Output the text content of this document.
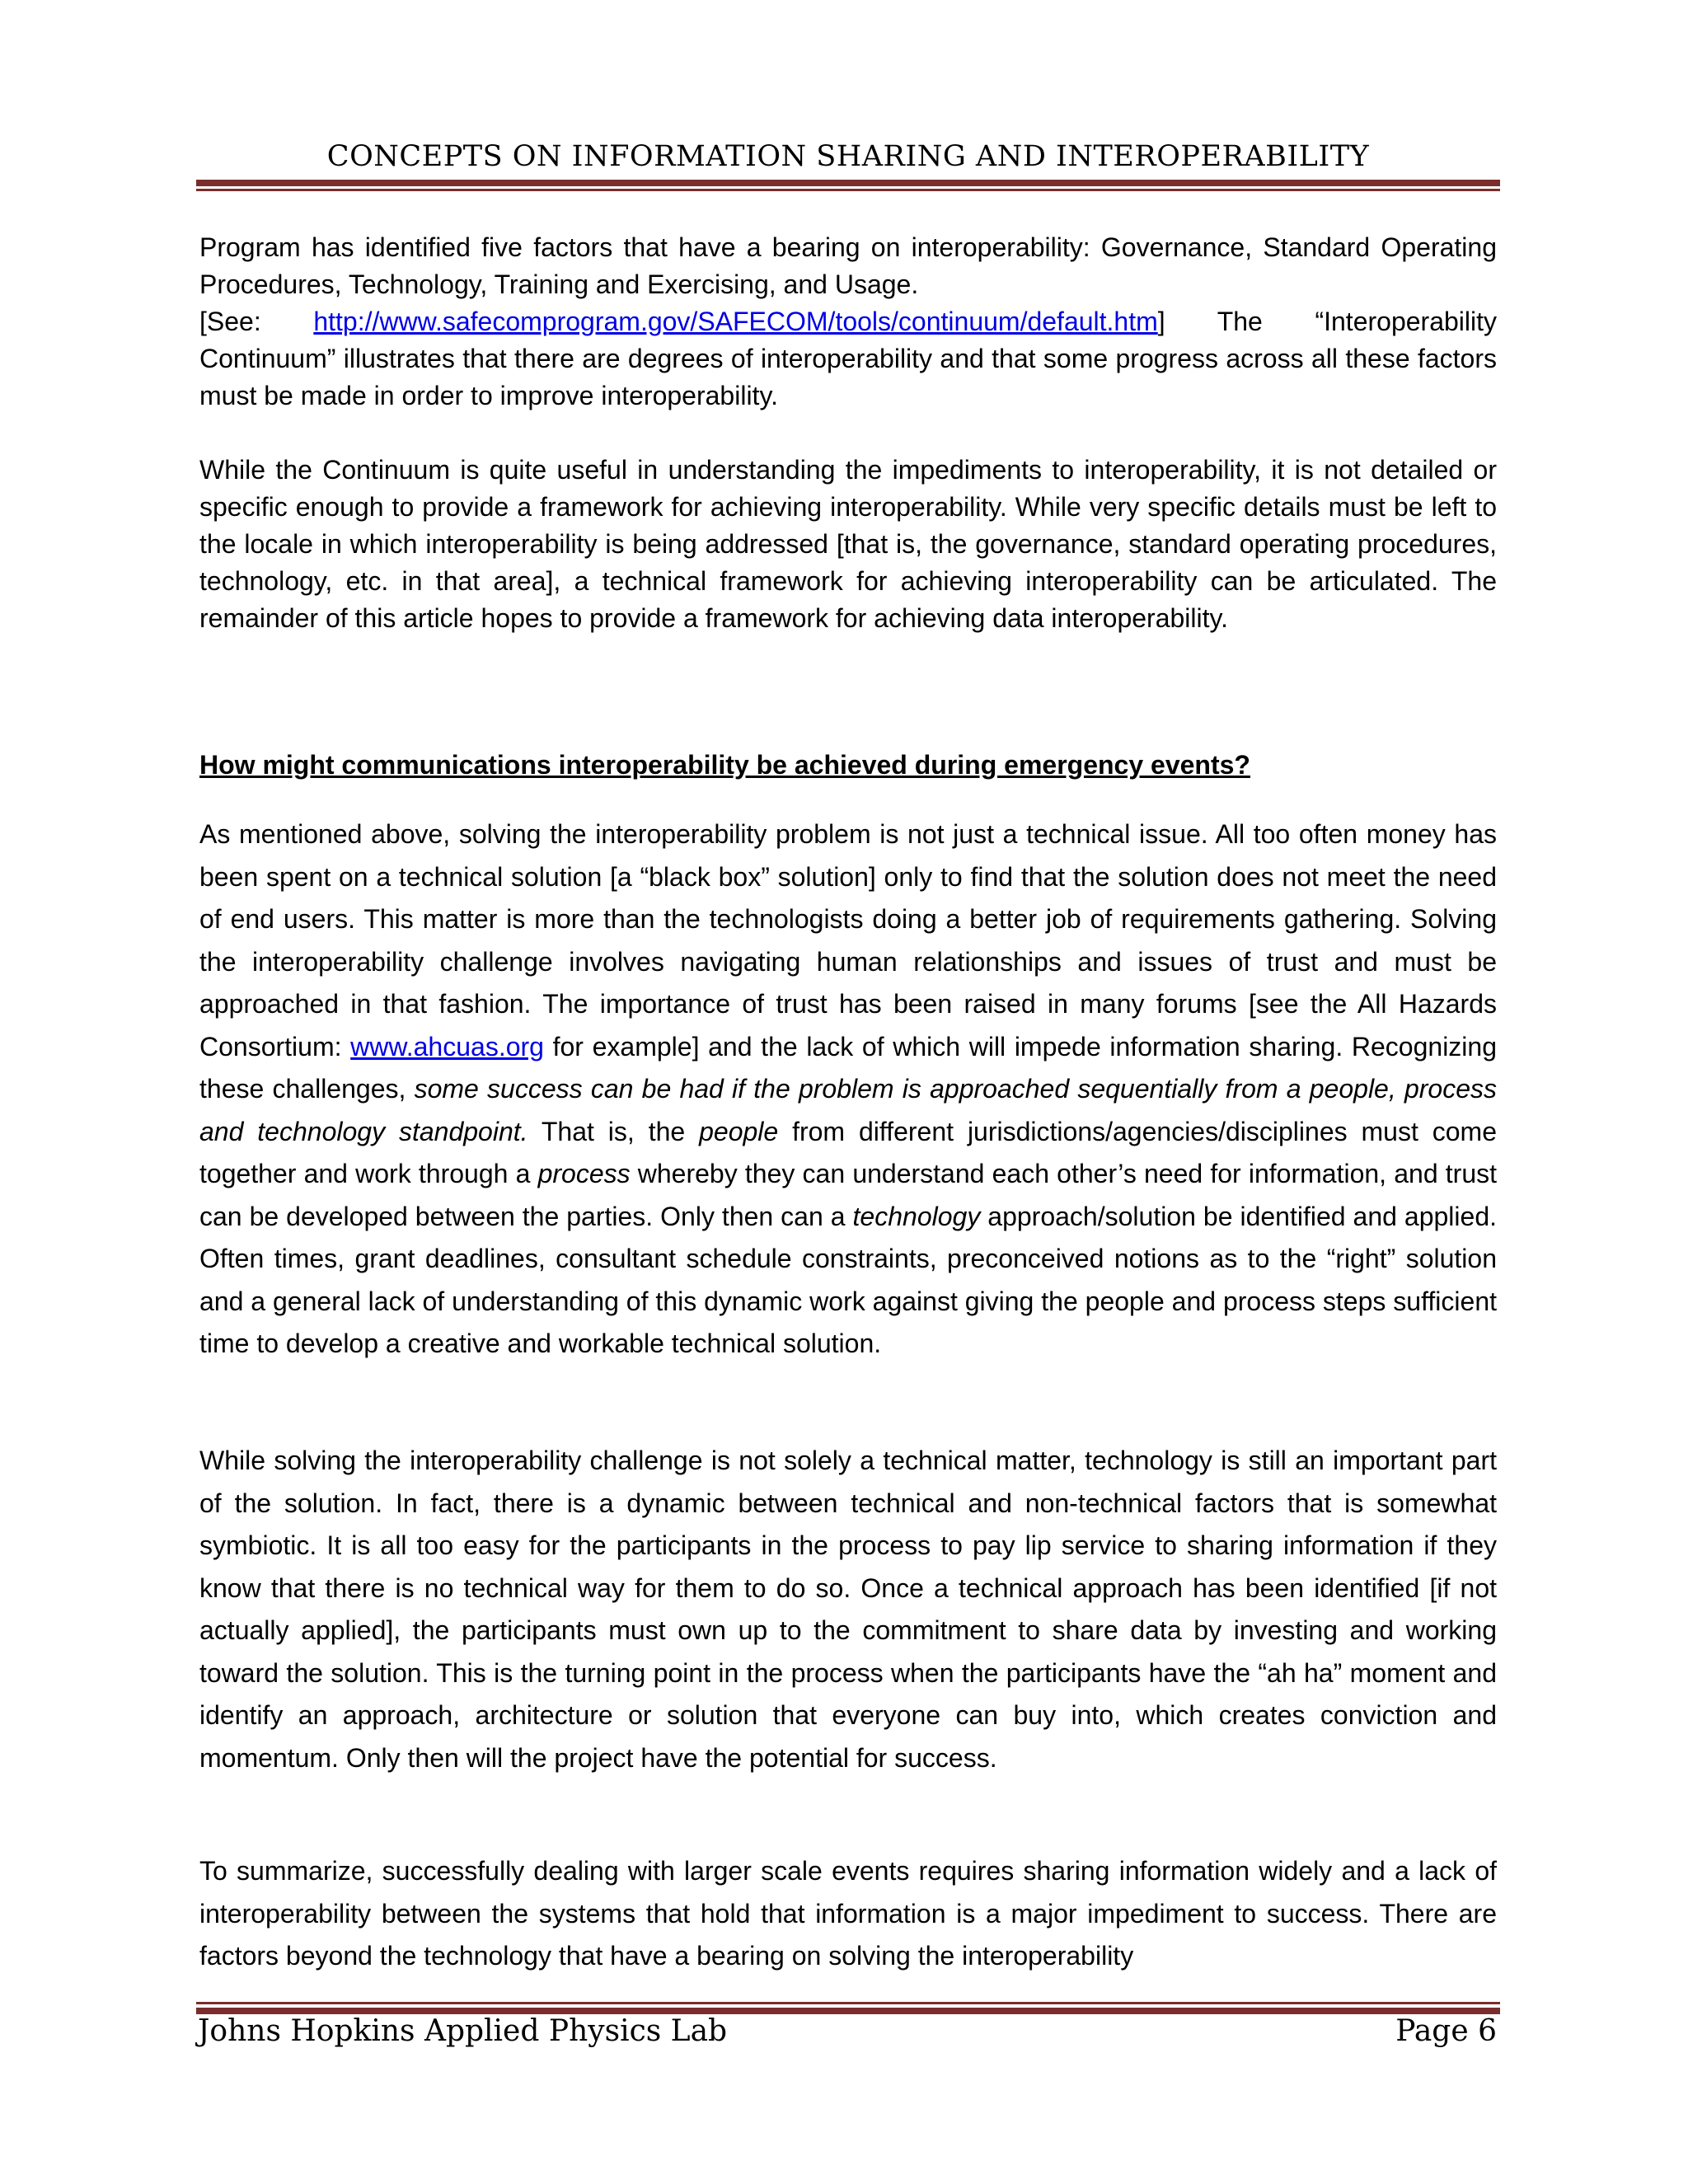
CONCEPTS ON INFORMATION SHARING AND INTEROPERABILITY

Program has identified five factors that have a bearing on interoperability: Governance, Standard Operating Procedures, Technology, Training and Exercising, and Usage.
[See: http://www.safecomprogram.gov/SAFECOM/tools/continuum/default.htm] The “Interoperability Continuum” illustrates that there are degrees of interoperability and that some progress across all these factors must be made in order to improve interoperability.

While the Continuum is quite useful in understanding the impediments to interoperability, it is not detailed or specific enough to provide a framework for achieving interoperability. While very specific details must be left to the locale in which interoperability is being addressed [that is, the governance, standard operating procedures, technology, etc. in that area], a technical framework for achieving interoperability can be articulated. The remainder of this article hopes to provide a framework for achieving data interoperability.

How might communications interoperability be achieved during emergency events?

As mentioned above, solving the interoperability problem is not just a technical issue. All too often money has been spent on a technical solution [a “black box” solution] only to find that the solution does not meet the need of end users. This matter is more than the technologists doing a better job of requirements gathering. Solving the interoperability challenge involves navigating human relationships and issues of trust and must be approached in that fashion. The importance of trust has been raised in many forums [see the All Hazards Consortium: www.ahcuas.org for example] and the lack of which will impede information sharing. Recognizing these challenges, some success can be had if the problem is approached sequentially from a people, process and technology standpoint. That is, the people from different jurisdictions/agencies/disciplines must come together and work through a process whereby they can understand each other’s need for information, and trust can be developed between the parties. Only then can a technology approach/solution be identified and applied. Often times, grant deadlines, consultant schedule constraints, preconceived notions as to the “right” solution and a general lack of understanding of this dynamic work against giving the people and process steps sufficient time to develop a creative and workable technical solution.

While solving the interoperability challenge is not solely a technical matter, technology is still an important part of the solution. In fact, there is a dynamic between technical and non-technical factors that is somewhat symbiotic. It is all too easy for the participants in the process to pay lip service to sharing information if they know that there is no technical way for them to do so. Once a technical approach has been identified [if not actually applied], the participants must own up to the commitment to share data by investing and working toward the solution. This is the turning point in the process when the participants have the “ah ha” moment and identify an approach, architecture or solution that everyone can buy into, which creates conviction and momentum. Only then will the project have the potential for success.

To summarize, successfully dealing with larger scale events requires sharing information widely and a lack of interoperability between the systems that hold that information is a major impediment to success. There are factors beyond the technology that have a bearing on solving the interoperability

Johns Hopkins Applied Physics Lab	Page 6
